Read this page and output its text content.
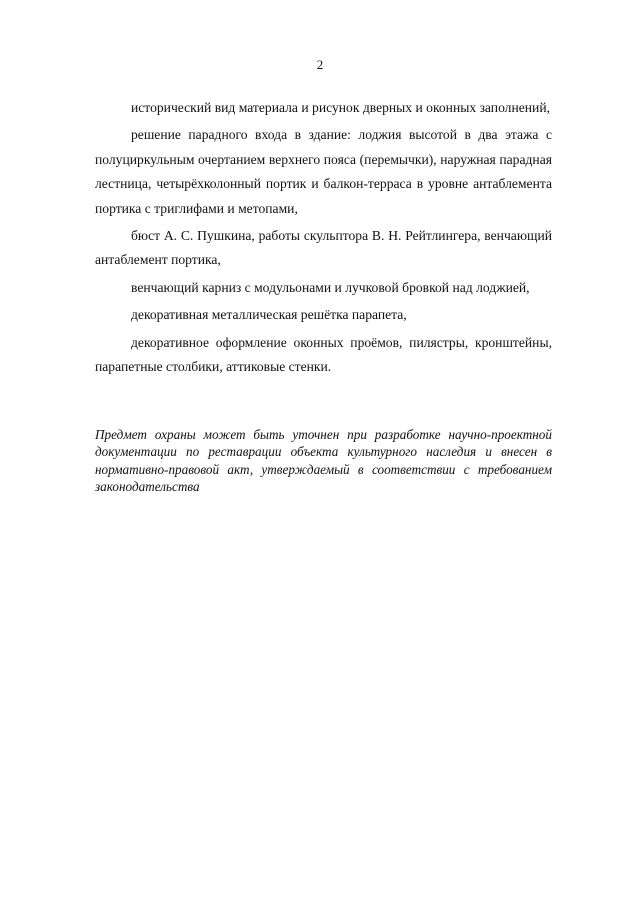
2

исторический вид материала и рисунок дверных и оконных заполнений,

решение парадного входа в здание: лоджия высотой в два этажа с полуциркульным очертанием верхнего пояса (перемычки), наружная парадная лестница, четырёхколонный портик и балкон-терраса в уровне антаблемента портика с триглифами и метопами,

бюст А. С. Пушкина, работы скульптора В. Н. Рейтлингера, венчающий антаблемент портика,

венчающий карниз с модульонами и лучковой бровкой над лоджией,

декоративная металлическая решётка парапета,

декоративное оформление оконных проёмов, пилястры, кронштейны, парапетные столбики, аттиковые стенки.

Предмет охраны может быть уточнен при разработке научно-проектной документации по реставрации объекта культурного наследия и внесен в нормативно-правовой акт, утверждаемый в соответствии с требованием законодательства
